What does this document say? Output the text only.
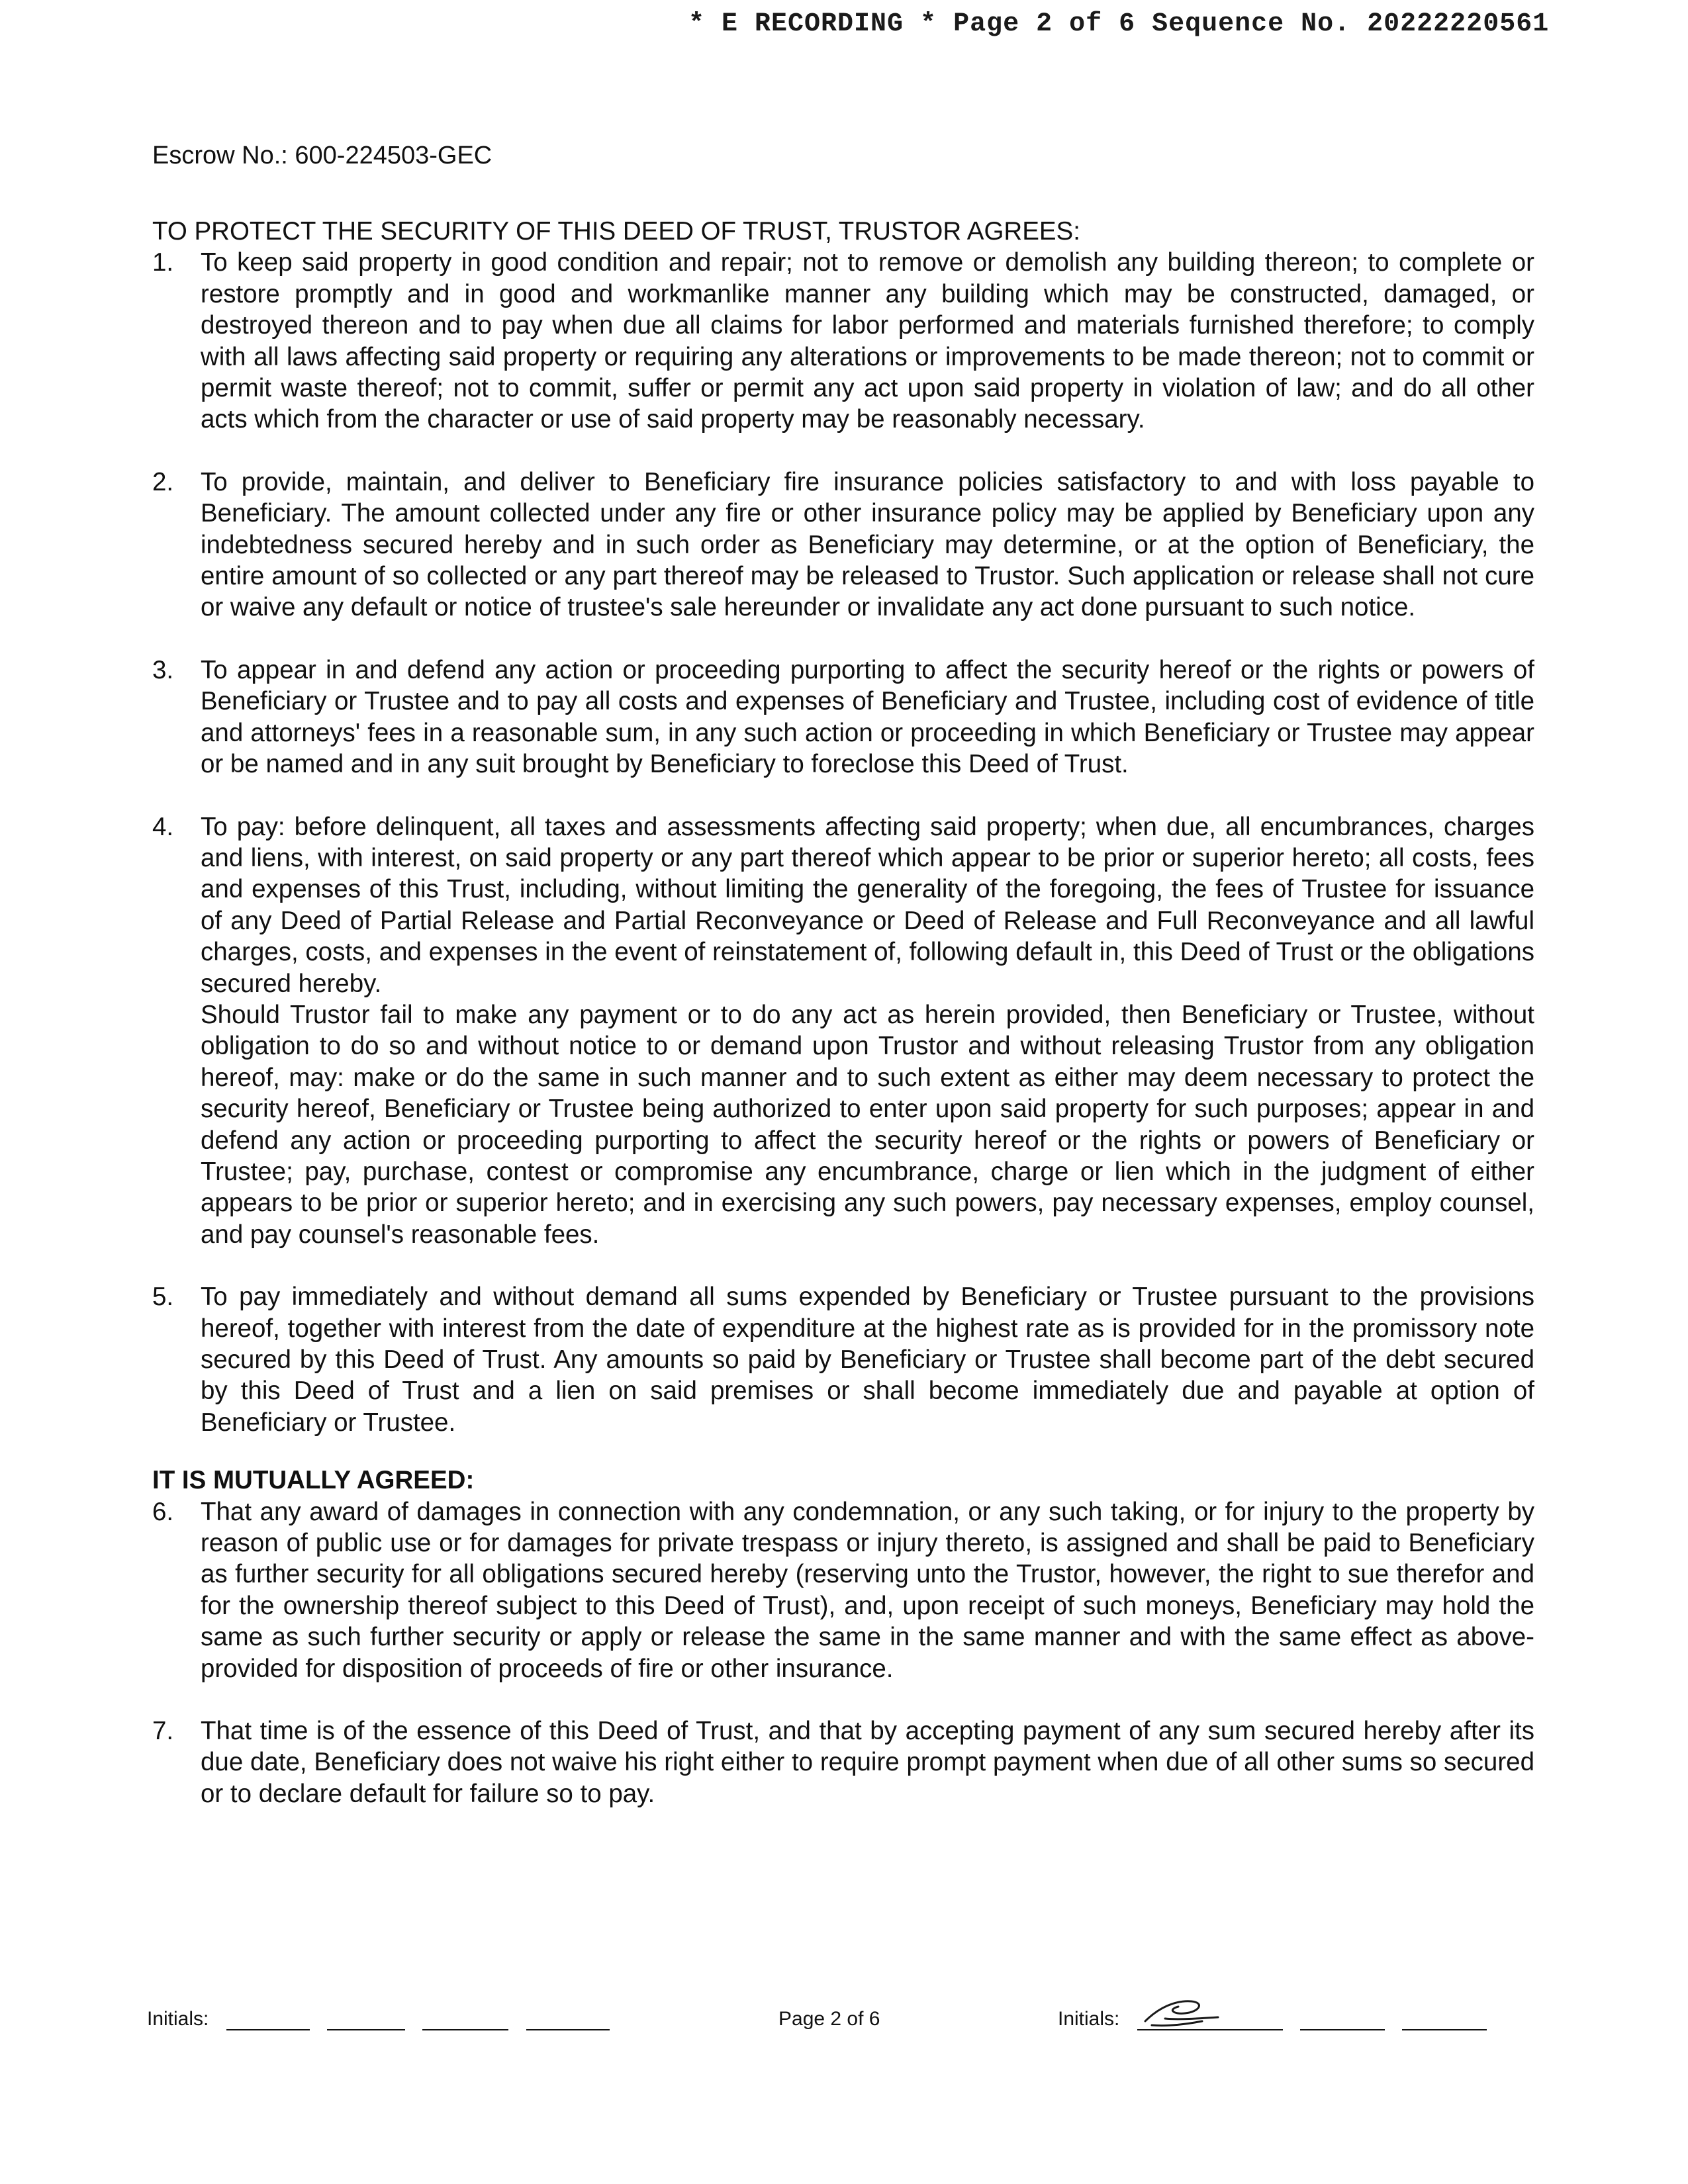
* E RECORDING * Page 2 of 6 Sequence No. 20222220561
Escrow No.: 600-224503-GEC
TO PROTECT THE SECURITY OF THIS DEED OF TRUST, TRUSTOR AGREES:
1.	To keep said property in good condition and repair; not to remove or demolish any building thereon; to complete or restore promptly and in good and workmanlike manner any building which may be constructed, damaged, or destroyed thereon and to pay when due all claims for labor performed and materials furnished therefore; to comply with all laws affecting said property or requiring any alterations or improvements to be made thereon; not to commit or permit waste thereof; not to commit, suffer or permit any act upon said property in violation of law; and do all other acts which from the character or use of said property may be reasonably necessary.
2.	To provide, maintain, and deliver to Beneficiary fire insurance policies satisfactory to and with loss payable to Beneficiary. The amount collected under any fire or other insurance policy may be applied by Beneficiary upon any indebtedness secured hereby and in such order as Beneficiary may determine, or at the option of Beneficiary, the entire amount of so collected or any part thereof may be released to Trustor. Such application or release shall not cure or waive any default or notice of trustee's sale hereunder or invalidate any act done pursuant to such notice.
3.	To appear in and defend any action or proceeding purporting to affect the security hereof or the rights or powers of Beneficiary or Trustee and to pay all costs and expenses of Beneficiary and Trustee, including cost of evidence of title and attorneys' fees in a reasonable sum, in any such action or proceeding in which Beneficiary or Trustee may appear or be named and in any suit brought by Beneficiary to foreclose this Deed of Trust.
4.	To pay: before delinquent, all taxes and assessments affecting said property; when due, all encumbrances, charges and liens, with interest, on said property or any part thereof which appear to be prior or superior hereto; all costs, fees and expenses of this Trust, including, without limiting the generality of the foregoing, the fees of Trustee for issuance of any Deed of Partial Release and Partial Reconveyance or Deed of Release and Full Reconveyance and all lawful charges, costs, and expenses in the event of reinstatement of, following default in, this Deed of Trust or the obligations secured hereby.

Should Trustor fail to make any payment or to do any act as herein provided, then Beneficiary or Trustee, without obligation to do so and without notice to or demand upon Trustor and without releasing Trustor from any obligation hereof, may: make or do the same in such manner and to such extent as either may deem necessary to protect the security hereof, Beneficiary or Trustee being authorized to enter upon said property for such purposes; appear in and defend any action or proceeding purporting to affect the security hereof or the rights or powers of Beneficiary or Trustee; pay, purchase, contest or compromise any encumbrance, charge or lien which in the judgment of either appears to be prior or superior hereto; and in exercising any such powers, pay necessary expenses, employ counsel, and pay counsel's reasonable fees.

5.	To pay immediately and without demand all sums expended by Beneficiary or Trustee pursuant to the provisions hereof, together with interest from the date of expenditure at the highest rate as is provided for in the promissory note secured by this Deed of Trust. Any amounts so paid by Beneficiary or Trustee shall become part of the debt secured by this Deed of Trust and a lien on said premises or shall become immediately due and payable at option of Beneficiary or Trustee.
IT IS MUTUALLY AGREED:
6.	That any award of damages in connection with any condemnation, or any such taking, or for injury to the property by reason of public use or for damages for private trespass or injury thereto, is assigned and shall be paid to Beneficiary as further security for all obligations secured hereby (reserving unto the Trustor, however, the right to sue therefor and for the ownership thereof subject to this Deed of Trust), and, upon receipt of such moneys, Beneficiary may hold the same as such further security or apply or release the same in the same manner and with the same effect as above-provided for disposition of proceeds of fire or other insurance.
7.	That time is of the essence of this Deed of Trust, and that by accepting payment of any sum secured hereby after its due date, Beneficiary does not waive his right either to require prompt payment when due of all other sums so secured or to declare default for failure so to pay.
Initials:	Page 2 of 6	Initials:
